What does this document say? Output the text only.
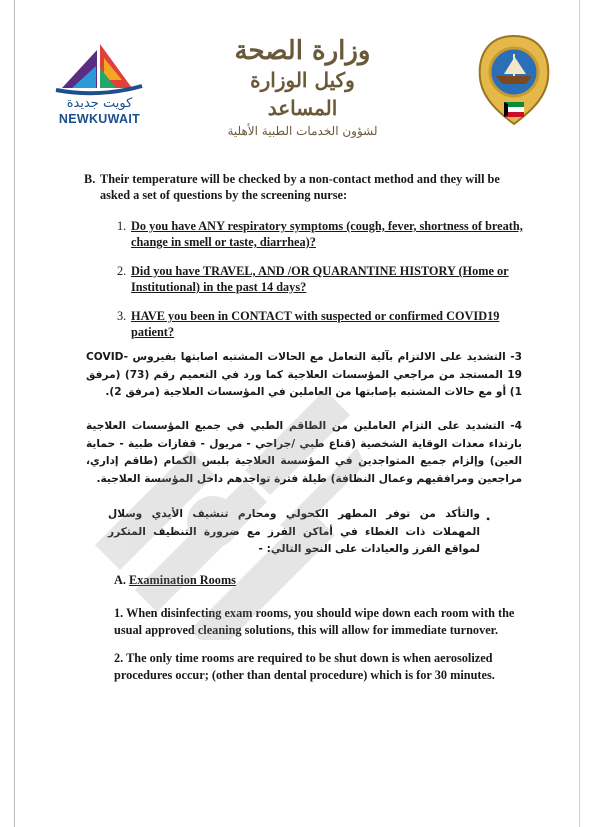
كويت جديدة
NEWKUWAIT
وزارة الصحة
وكيل الوزارة المساعد
لشؤون الخدمات الطبية الأهلية
B. Their temperature will be checked by a non-contact method and they will be asked a set of questions by the screening nurse:
1. Do you have ANY respiratory symptoms (cough, fever, shortness of breath, change in smell or taste, diarrhea)?
2. Did you have TRAVEL, AND /OR QUARANTINE HISTORY (Home or Institutional) in the past 14 days?
3. HAVE you been in CONTACT with suspected or confirmed COVID19 patient?
3- التشديد على الالتزام بآلية التعامل مع الحالات المشتبه اصابتها بفيروس COVID-19 المستجد من مراجعي المؤسسات العلاجية كما ورد في التعميم رقم (73) (مرفق 1) أو مع حالات المشتبه بإصابتها من العاملين في المؤسسات العلاجية (مرفق 2).
4- التشديد على التزام العاملين من الطاقم الطبي في جميع المؤسسات العلاجية بارتداء معدات الوقاية الشخصية (قناع طبي /جراحي - مريول - قفازات طبية - حماية العين) وإلزام جميع المتواجدين في المؤسسة العلاجية بلبس الكمام (طاقم إداري، مراجعين ومرافقيهم وعمال النظافة) طيلة فترة تواجدهم داخل المؤسسة العلاجية.
•
والتأكد من توفر المطهر الكحولي ومحارم تنشيف الأيدي وسلال المهملات ذات الغطاء في أماكن الفرز مع ضرورة التنظيف المتكرر لمواقع الفرز والعيادات على النحو التالي: -
A. Examination Rooms
1. When disinfecting exam rooms, you should wipe down each room with the usual approved cleaning solutions, this will allow for immediate turnover.
2. The only time rooms are required to be shut down is when aerosolized procedures occur; (other than dental procedure) which is for 30 minutes.
